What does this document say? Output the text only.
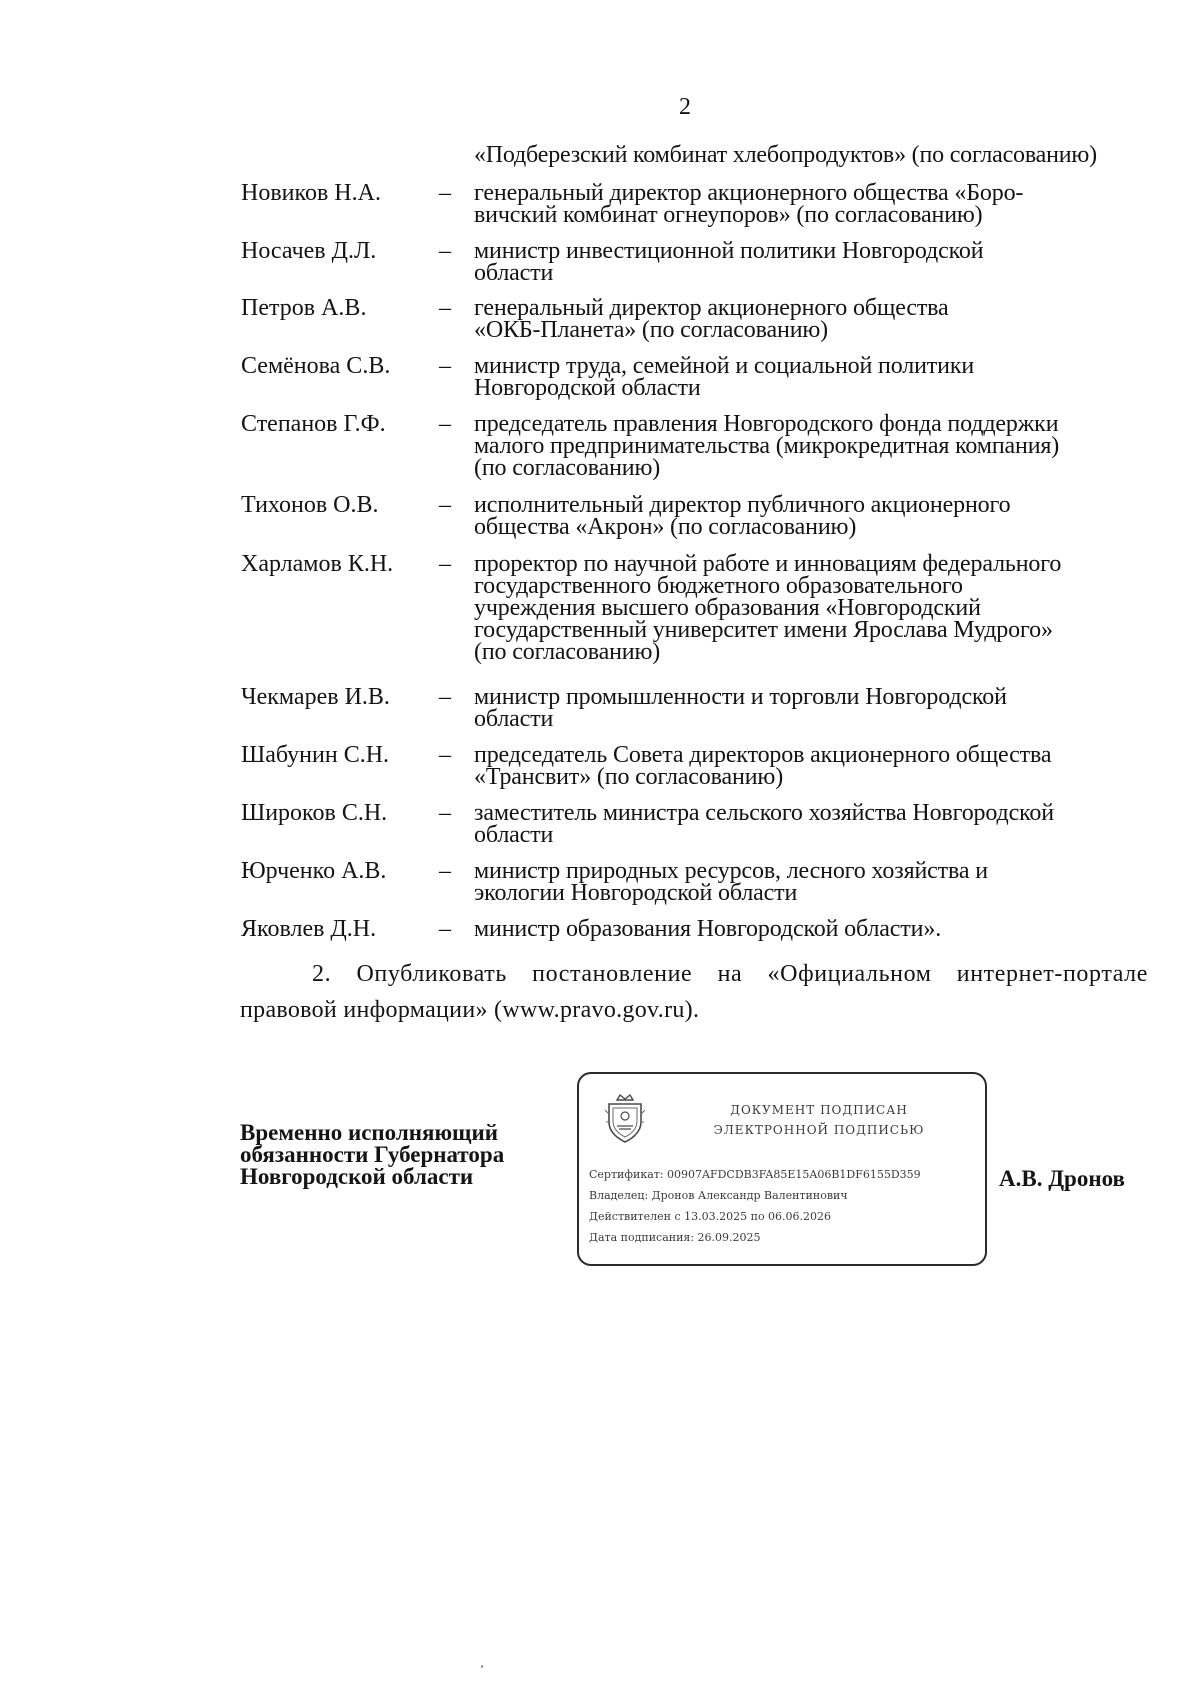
2
«Подберезский комбинат хлебопродуктов» (по согласованию)
Новиков Н.А. – генеральный директор акционерного общества «Боро-
вичский комбинат огнеупоров» (по согласованию)
Носачев Д.Л.	– министр инвестиционной политики Новгородской
области
Петров А.В.	– генеральный директор акционерного общества
«ОКБ-Планета» (по согласованию)
Семёнова С.В. – министр труда, семейной и социальной политики
Новгородской области
Степанов Г.Ф. – председатель правления Новгородского фонда поддержки
малого предпринимательства (микрокредитная компания)
(по согласованию)
Тихонов О.В.	– исполнительный директор публичного акционерного
общества «Акрон» (по согласованию)
Харламов К.Н. – проректор по научной работе и инновациям федерального
государственного бюджетного образовательного
учреждения высшего образования «Новгородский
государственный университет имени Ярослава Мудрого»
(по согласованию)
Чекмарев И.В. – министр промышленности и торговли Новгородской
области
Шабунин С.Н. – председатель Совета директоров акционерного общества
«Трансвит» (по согласованию)
Широков С.Н. – заместитель министра сельского хозяйства Новгородской
области
Юрченко А.В. – министр природных ресурсов, лесного хозяйства и
экологии Новгородской области
Яковлев Д.Н.	– министр образования Новгородской области».
2. Опубликовать постановление на «Официальном интернет-портале
правовой информации» (www.pravo.gov.ru).
Временно исполняющий
обязанности Губернатора
Новгородской области
ДОКУМЕНТ ПОДПИСАН
ЭЛЕКТРОННОЙ ПОДПИСЬЮ
Сертификат: 00907AFDCDB3FA85E15A06B1DF6155D359
Владелец: Дронов Александр Валентинович
Действителен с 13.03.2025 по 06.06.2026
Дата подписания: 26.09.2025
А.В. Дронов
